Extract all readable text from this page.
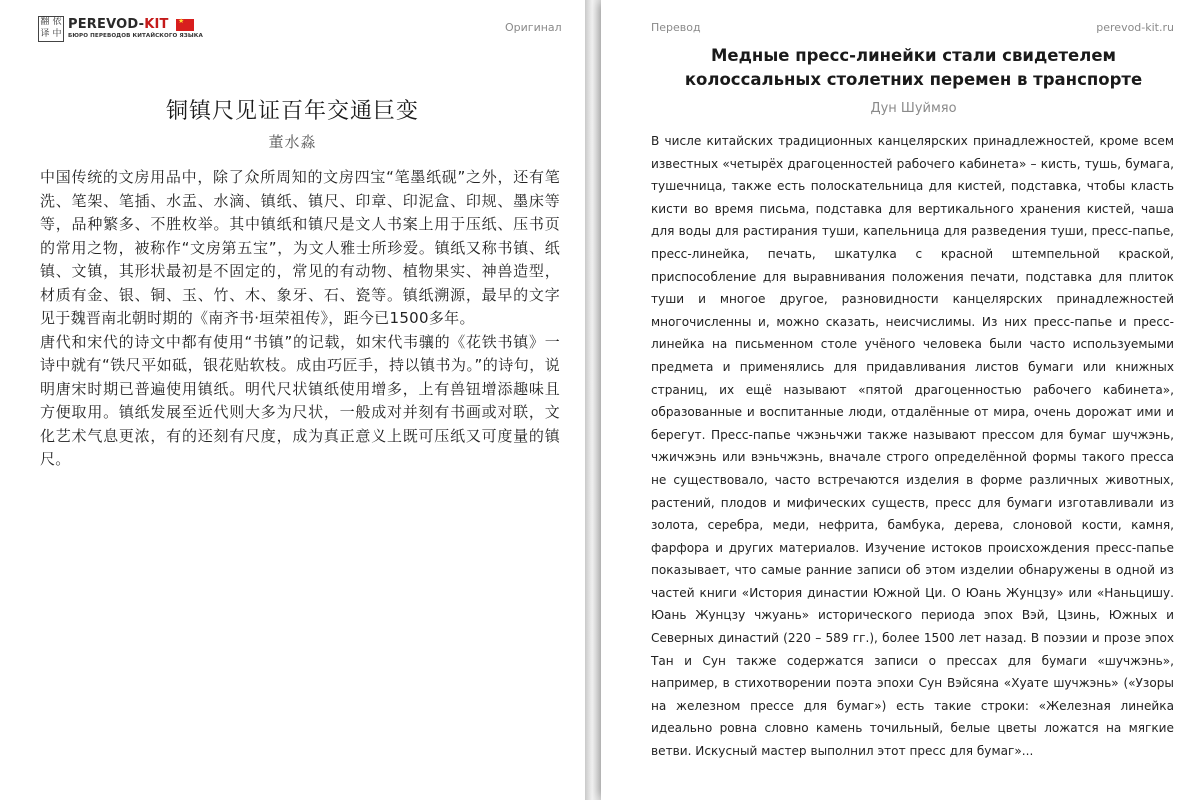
翻 依
译 中
PEREVOD-KIT
★
БЮРО ПЕРЕВОДОВ КИТАЙСКОГО ЯЗЫКА
Оригинал
铜镇尺见证百年交通巨变
董水淼

中国传统的文房用品中，除了众所周知的文房四宝“笔墨纸砚”之外，还有笔洗、笔架、笔插、水盂、水滴、镇纸、镇尺、印章、印泥盒、印规、墨床等等，品种繁多、不胜枚举。其中镇纸和镇尺是文人书案上用于压纸、压书页的常用之物，被称作“文房第五宝”，为文人雅士所珍爱。镇纸又称书镇、纸镇、文镇，其形状最初是不固定的，常见的有动物、植物果实、神兽造型，材质有金、银、铜、玉、竹、木、象牙、石、瓷等。镇纸溯源，最早的文字见于魏晋南北朝时期的《南齐书·垣荣祖传》，距今已1500多年。

唐代和宋代的诗文中都有使用“书镇”的记载，如宋代韦骧的《花铁书镇》一诗中就有“铁尺平如砥，银花贴软枝。成由巧匠手，持以镇书为。”的诗句，说明唐宋时期已普遍使用镇纸。明代尺状镇纸使用增多，上有兽钮增添趣味且方便取用。镇纸发展至近代则大多为尺状，一般成对并刻有书画或对联，文化艺术气息更浓，有的还刻有尺度，成为真正意义上既可压纸又可度量的镇尺。

Перевод	perevod-kit.ru
Медные пресс-линейки стали свидетелем колоссальных столетних перемен в транспорте
Дун Шуймяо

В числе китайских традиционных канцелярских принадлежностей, кроме всем известных «четырёх драгоценностей рабочего кабинета» – кисть, тушь, бумага, тушечница, также есть полоскательница для кистей, подставка, чтобы класть кисти во время письма, подставка для вертикального хранения кистей, чаша для воды для растирания туши, капельница для разведения туши, пресс-папье, пресс-линейка, печать, шкатулка с красной штемпельной краской, приспособление для выравнивания положения печати, подставка для плиток туши и многое другое, разновидности канцелярских принадлежностей многочисленны и, можно сказать, неисчислимы. Из них пресс-папье и пресс-линейка на письменном столе учёного человека были часто используемыми предмета и применялись для придавливания листов бумаги или книжных страниц, их ещё называют «пятой драгоценностью рабочего кабинета», образованные и воспитанные люди, отдалённые от мира, очень дорожат ими и берегут. Пресс-папье чжэньчжи также называют прессом для бумаг шучжэнь, чжичжэнь или вэньчжэнь, вначале строго определённой формы такого пресса не существовало, часто встречаются изделия в форме различных животных, растений, плодов и мифических существ, пресс для бумаги изготавливали из золота, серебра, меди, нефрита, бамбука, дерева, слоновой кости, камня, фарфора и других материалов. Изучение истоков происхождения пресс-папье показывает, что самые ранние записи об этом изделии обнаружены в одной из частей книги «История династии Южной Ци. О Юань Жунцзу» или «Наньцишу. Юань Жунцзу чжуань» исторического периода эпох Вэй, Цзинь, Южных и Северных династий (220 – 589 гг.), более 1500 лет назад. В поэзии и прозе эпох Тан и Сун также содержатся записи о прессах для бумаги «шучжэнь», например, в стихотворении поэта эпохи Сун Вэйсяна «Хуате шучжэнь» («Узоры на железном прессе для бумаг») есть такие строки: «Железная линейка идеально ровна словно камень точильный, белые цветы ложатся на мягкие ветви. Искусный мастер выполнил этот пресс для бумаг»...
